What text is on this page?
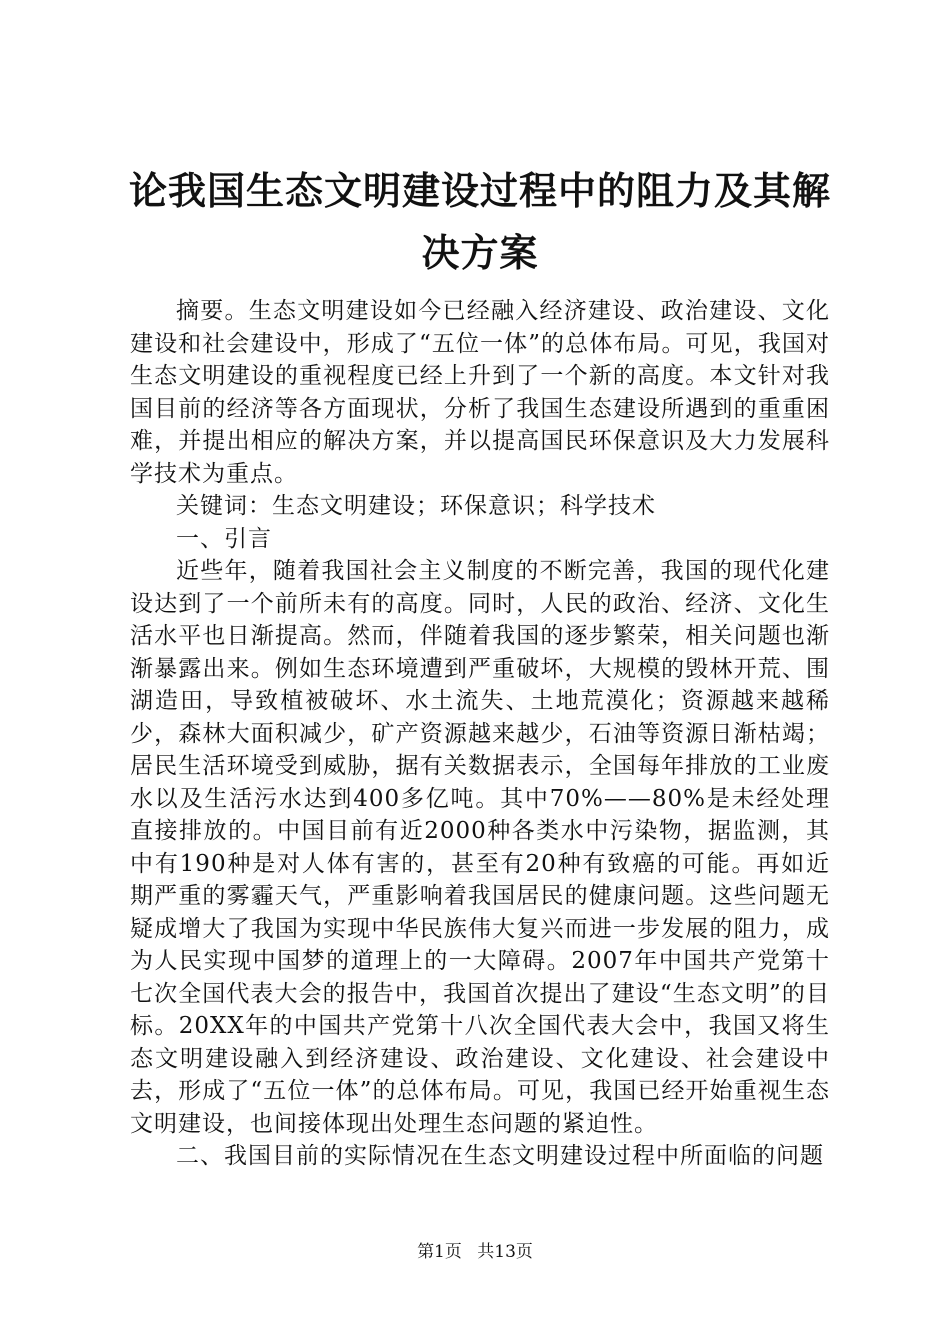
论我国生态文明建设过程中的阻力及其解决方案

摘要。生态文明建设如今已经融入经济建设、政治建设、文化建设和社会建设中，形成了“五位一体”的总体布局。可见，我国对生态文明建设的重视程度已经上升到了一个新的高度。本文针对我国目前的经济等各方面现状，分析了我国生态建设所遇到的重重困难，并提出相应的解决方案，并以提高国民环保意识及大力发展科学技术为重点。

关键词：生态文明建设；环保意识；科学技术

一、引言

近些年，随着我国社会主义制度的不断完善，我国的现代化建设达到了一个前所未有的高度。同时，人民的政治、经济、文化生活水平也日渐提高。然而，伴随着我国的逐步繁荣，相关问题也渐渐暴露出来。例如生态环境遭到严重破坏，大规模的毁林开荒、围湖造田，导致植被破坏、水土流失、土地荒漠化；资源越来越稀少，森林大面积减少，矿产资源越来越少，石油等资源日渐枯竭；居民生活环境受到威胁，据有关数据表示，全国每年排放的工业废水以及生活污水达到400多亿吨。其中70%——80%是未经处理直接排放的。中国目前有近2000种各类水中污染物，据监测，其中有190种是对人体有害的，甚至有20种有致癌的可能。再如近期严重的雾霾天气，严重影响着我国居民的健康问题。这些问题无疑成增大了我国为实现中华民族伟大复兴而进一步发展的阻力，成为人民实现中国梦的道理上的一大障碍。2007年中国共产党第十七次全国代表大会的报告中，我国首次提出了建设“生态文明”的目标。20XX年的中国共产党第十八次全国代表大会中，我国又将生态文明建设融入到经济建设、政治建设、文化建设、社会建设中去，形成了“五位一体”的总体布局。可见，我国已经开始重视生态文明建设，也间接体现出处理生态问题的紧迫性。

二、我国目前的实际情况在生态文明建设过程中所面临的问题

第1页 共13页
